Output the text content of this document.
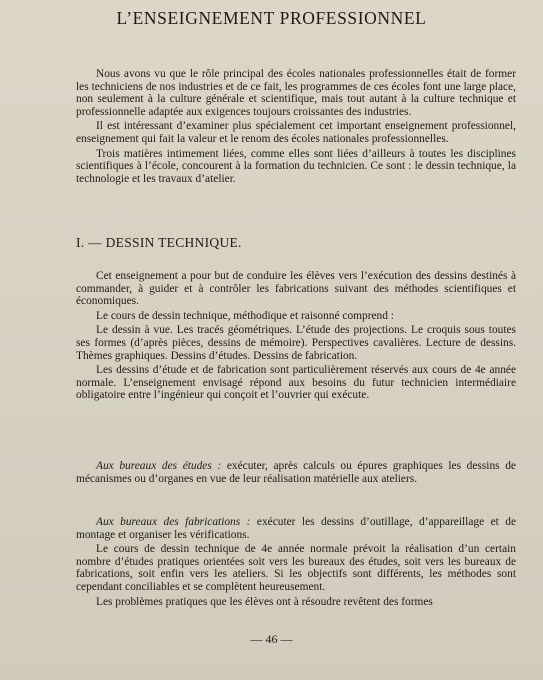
L’ENSEIGNEMENT PROFESSIONNEL

Nous avons vu que le rôle principal des écoles nationales professionnelles était de former les techniciens de nos industries et de ce fait, les programmes de ces écoles font une large place, non seulement à la culture générale et scientifique, mais tout autant à la culture technique et professionnelle adaptée aux exigences toujours croissantes des industries.

Il est intéressant d’examiner plus spécialement cet important enseignement professionnel, enseignement qui fait la valeur et le renom des écoles nationales professionnelles.

Trois matières intimement liées, comme elles sont liées d’ailleurs à toutes les disciplines scientifiques à l’école, concourent à la formation du technicien. Ce sont : le dessin technique, la technologie et les travaux d’atelier.

I. — DESSIN TECHNIQUE.

Cet enseignement a pour but de conduire les élèves vers l’exécution des dessins destinés à commander, à guider et à contrôler les fabrications suivant des méthodes scientifiques et économiques.

Le cours de dessin technique, méthodique et raisonné comprend :

Le dessin à vue. Les tracés géométriques. L’étude des projections. Le croquis sous toutes ses formes (d’après pièces, dessins de mémoire). Perspectives cavalières. Lecture de dessins. Thèmes graphiques. Dessins d’études. Dessins de fabrication.

Les dessins d’étude et de fabrication sont particulièrement réservés aux cours de 4e année normale. L’enseignement envisagé répond aux besoins du futur technicien intermédiaire obligatoire entre l’ingénieur qui conçoit et l’ouvrier qui exécute.

Aux bureaux des études : exécuter, après calculs ou épures graphiques les dessins de mécanismes ou d’organes en vue de leur réalisation matérielle aux ateliers.

Aux bureaux des fabrications : exécuter les dessins d’outillage, d’appareillage et de montage et organiser les vérifications.

Le cours de dessin technique de 4e année normale prévoit la réalisation d’un certain nombre d’études pratiques orientées soit vers les bureaux des études, soit vers les bureaux de fabrications, soit enfin vers les ateliers. Si les objectifs sont différents, les méthodes sont cependant conciliables et se complètent heureusement.

Les problèmes pratiques que les élèves ont à résoudre revêtent des formes

— 46 —
